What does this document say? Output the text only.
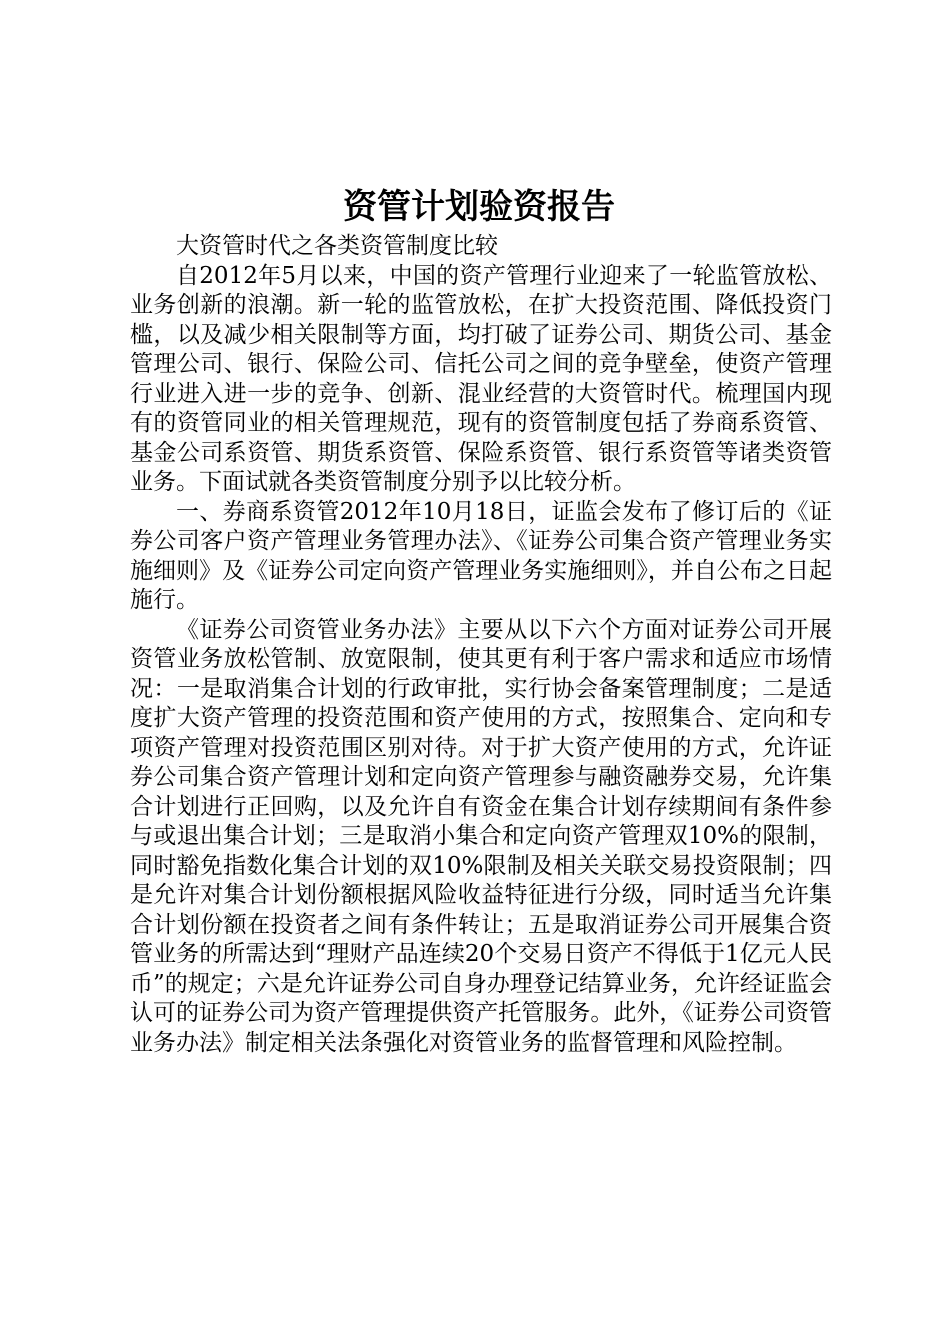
资管计划验资报告

大资管时代之各类资管制度比较

自2012年5月以来，中国的资产管理行业迎来了一轮监管放松、业务创新的浪潮。新一轮的监管放松，在扩大投资范围、降低投资门槛，以及减少相关限制等方面，均打破了证券公司、期货公司、基金管理公司、银行、保险公司、信托公司之间的竞争壁垒，使资产管理行业进入进一步的竞争、创新、混业经营的大资管时代。梳理国内现有的资管同业的相关管理规范，现有的资管制度包括了券商系资管、基金公司系资管、期货系资管、保险系资管、银行系资管等诸类资管业务。下面试就各类资管制度分别予以比较分析。

一、券商系资管2012年10月18日，证监会发布了修订后的《证券公司客户资产管理业务管理办法》、《证券公司集合资产管理业务实施细则》及《证券公司定向资产管理业务实施细则》，并自公布之日起施行。

《证券公司资管业务办法》主要从以下六个方面对证券公司开展资管业务放松管制、放宽限制，使其更有利于客户需求和适应市场情况：一是取消集合计划的行政审批，实行协会备案管理制度；二是适度扩大资产管理的投资范围和资产使用的方式，按照集合、定向和专项资产管理对投资范围区别对待。对于扩大资产使用的方式，允许证券公司集合资产管理计划和定向资产管理参与融资融券交易，允许集合计划进行正回购，以及允许自有资金在集合计划存续期间有条件参与或退出集合计划；三是取消小集合和定向资产管理双10%的限制，同时豁免指数化集合计划的双10%限制及相关关联交易投资限制；四是允许对集合计划份额根据风险收益特征进行分级，同时适当允许集合计划份额在投资者之间有条件转让；五是取消证券公司开展集合资管业务的所需达到“理财产品连续20个交易日资产不得低于1亿元人民币”的规定；六是允许证券公司自身办理登记结算业务，允许经证监会认可的证券公司为资产管理提供资产托管服务。此外，《证券公司资管业务办法》制定相关法条强化对资管业务的监督管理和风险控制。
